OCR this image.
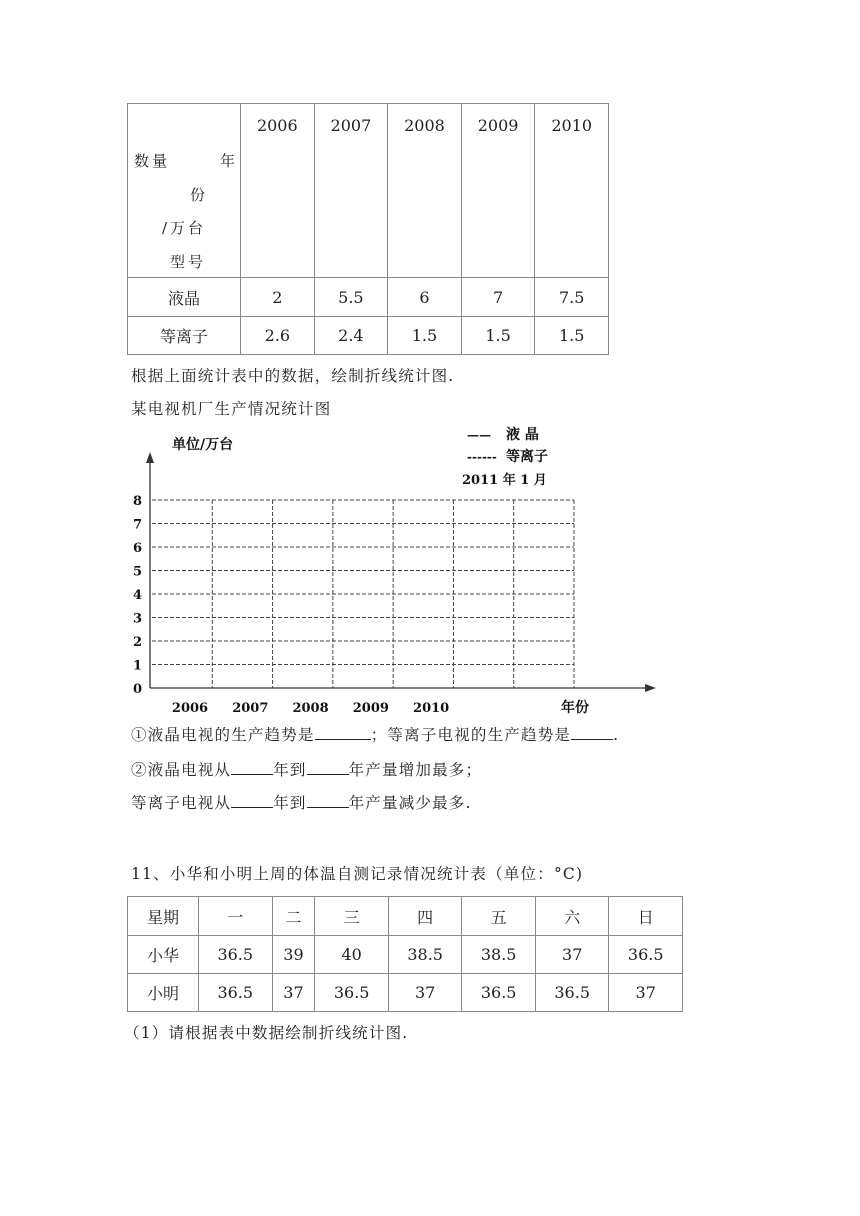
数量 年
份
/万台
型号	2006	2007	2008	2009	2010
液晶	2	5.5	6	7	7.5
等离子	2.6	2.4	1.5	1.5	1.5
根据上面统计表中的数据，绘制折线统计图.
某电视机厂生产情况统计图
0
1
2
3
4
5
6
7
8
2006 2007 2008 2009 2010
单位/万台
年份
—— 液 晶
------ 等离子
2011 年 1 月
①液晶电视的生产趋势是	；等离子电视的生产趋势是	.
②液晶电视从	年到	年产量增加最多；
等离子电视从	年到	年产量减少最多.
11、小华和小明上周的体温自测记录情况统计表（单位：°C)
星期	一	二	三	四	五	六	日
小华	36.5	39	40	38.5	38.5	37	36.5
小明	36.5	37	36.5	37	36.5	36.5	37
（1）请根据表中数据绘制折线统计图.
